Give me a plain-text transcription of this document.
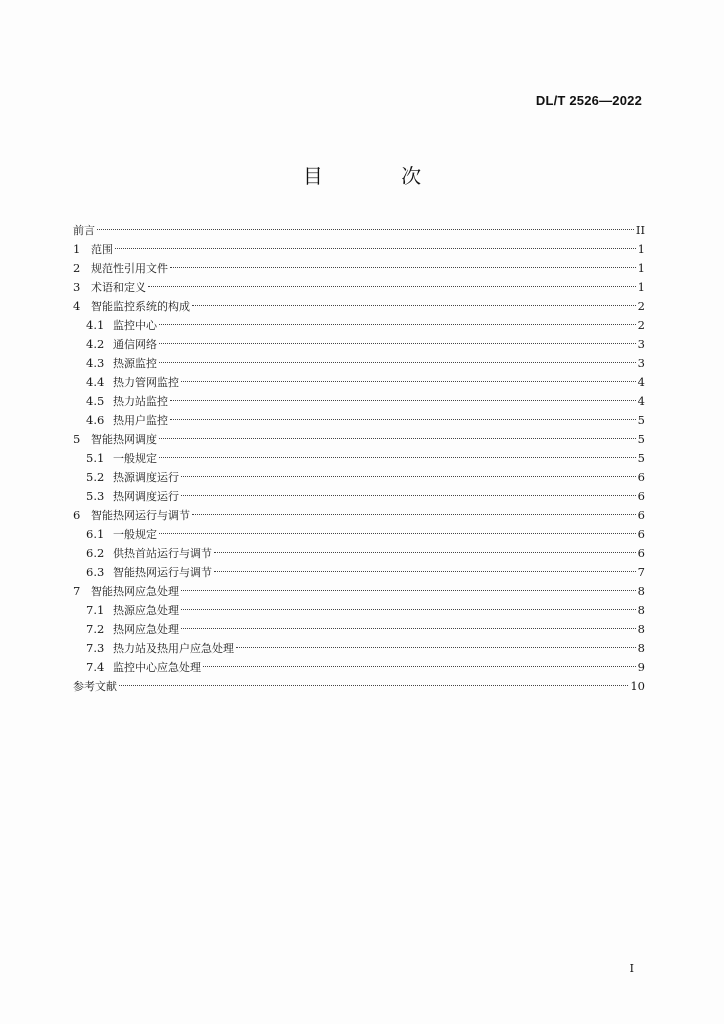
DL/T 2526—2022
目 次
前言	II
1 范围	1
2 规范性引用文件	1
3 术语和定义	1
4 智能监控系统的构成	2
4.1 监控中心	2
4.2 通信网络	3
4.3 热源监控	3
4.4 热力管网监控	4
4.5 热力站监控	4
4.6 热用户监控	5
5 智能热网调度	5
5.1 一般规定	5
5.2 热源调度运行	6
5.3 热网调度运行	6
6 智能热网运行与调节	6
6.1 一般规定	6
6.2 供热首站运行与调节	6
6.3 智能热网运行与调节	7
7 智能热网应急处理	8
7.1 热源应急处理	8
7.2 热网应急处理	8
7.3 热力站及热用户应急处理	8
7.4 监控中心应急处理	9
参考文献	10
I
